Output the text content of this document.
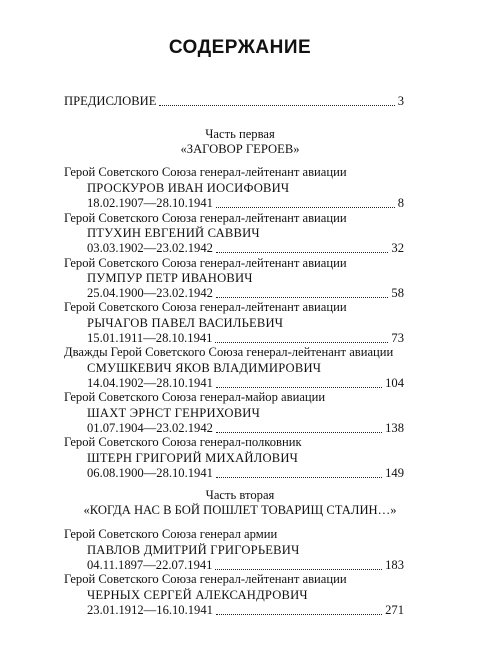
СОДЕРЖАНИЕ
ПРЕДИСЛОВИЕ	3
Часть первая
«ЗАГОВОР ГЕРОЕВ»
Герой Советского Союза генерал-лейтенант авиации
ПРОСКУРОВ ИВАН ИОСИФОВИЧ
18.02.1907—28.10.1941	8
Герой Советского Союза генерал-лейтенант авиации
ПТУХИН ЕВГЕНИЙ САВВИЧ
03.03.1902—23.02.1942	32
Герой Советского Союза генерал-лейтенант авиации
ПУМПУР ПЕТР ИВАНОВИЧ
25.04.1900—23.02.1942	58
Герой Советского Союза генерал-лейтенант авиации
РЫЧАГОВ ПАВЕЛ ВАСИЛЬЕВИЧ
15.01.1911—28.10.1941	73
Дважды Герой Советского Союза генерал-лейтенант авиации
СМУШКЕВИЧ ЯКОВ ВЛАДИМИРОВИЧ
14.04.1902—28.10.1941	104
Герой Советского Союза генерал-майор авиации
ШАХТ ЭРНСТ ГЕНРИХОВИЧ
01.07.1904—23.02.1942	138
Герой Советского Союза генерал-полковник
ШТЕРН ГРИГОРИЙ МИХАЙЛОВИЧ
06.08.1900—28.10.1941	149
Часть вторая
«КОГДА НАС В БОЙ ПОШЛЕТ ТОВАРИЩ СТАЛИН…»
Герой Советского Союза генерал армии
ПАВЛОВ ДМИТРИЙ ГРИГОРЬЕВИЧ
04.11.1897—22.07.1941	183
Герой Советского Союза генерал-лейтенант авиации
ЧЕРНЫХ СЕРГЕЙ АЛЕКСАНДРОВИЧ
23.01.1912—16.10.1941	271
